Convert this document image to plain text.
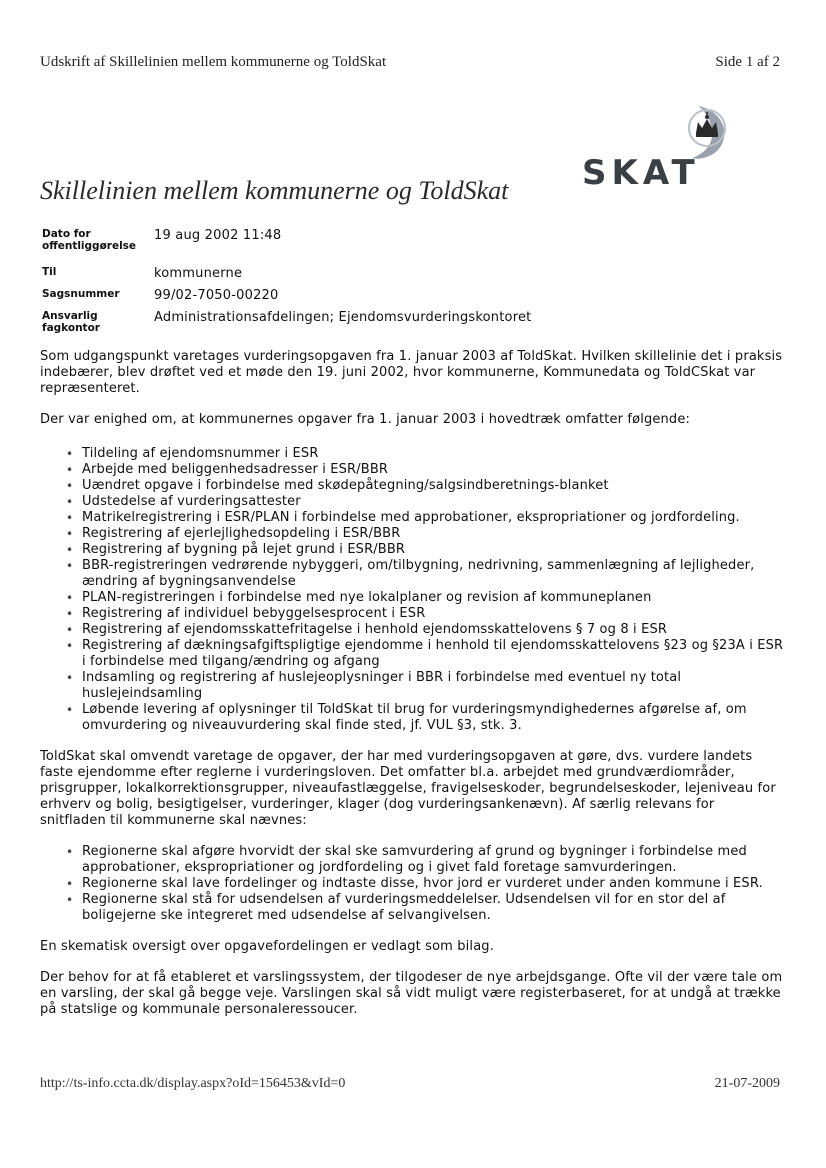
Udskrift af Skillelinien mellem kommunerne og ToldSkat	Side 1 af 2
SKAT
Skillelinien mellem kommunerne og ToldSkat
Dato for offentliggørelse	19 aug 2002 11:48
Til	kommunerne
Sagsnummer	99/02-7050-00220
Ansvarlig fagkontor	Administrationsafdelingen; Ejendomsvurderingskontoret

Som udgangspunkt varetages vurderingsopgaven fra 1. januar 2003 af ToldSkat. Hvilken skillelinie det i praksis indebærer, blev drøftet ved et møde den 19. juni 2002, hvor kommunerne, Kommunedata og ToldCSkat var repræsenteret.

Der var enighed om, at kommunernes opgaver fra 1. januar 2003 i hovedtræk omfatter følgende:

• Tildeling af ejendomsnummer i ESR
• Arbejde med beliggenhedsadresser i ESR/BBR
• Uændret opgave i forbindelse med skødepåtegning/salgsindberetnings-blanket
• Udstedelse af vurderingsattester
• Matrikelregistrering i ESR/PLAN i forbindelse med approbationer, ekspropriationer og jordfordeling.
• Registrering af ejerlejlighedsopdeling i ESR/BBR
• Registrering af bygning på lejet grund i ESR/BBR
• BBR-registreringen vedrørende nybyggeri, om/tilbygning, nedrivning, sammenlægning af lejligheder, ændring af bygningsanvendelse
• PLAN-registreringen i forbindelse med nye lokalplaner og revision af kommuneplanen
• Registrering af individuel bebyggelsesprocent i ESR
• Registrering af ejendomsskattefritagelse i henhold ejendomsskattelovens § 7 og 8 i ESR
• Registrering af dækningsafgiftspligtige ejendomme i henhold til ejendomsskattelovens §23 og §23A i ESR i forbindelse med tilgang/ændring og afgang
• Indsamling og registrering af huslejeoplysninger i BBR i forbindelse med eventuel ny total huslejeindsamling
• Løbende levering af oplysninger til ToldSkat til brug for vurderingsmyndighedernes afgørelse af, om omvurdering og niveauvurdering skal finde sted, jf. VUL §3, stk. 3.

ToldSkat skal omvendt varetage de opgaver, der har med vurderingsopgaven at gøre, dvs. vurdere landets faste ejendomme efter reglerne i vurderingsloven. Det omfatter bl.a. arbejdet med grundværdiområder, prisgrupper, lokalkorrektionsgrupper, niveaufastlæggelse, fravigelseskoder, begrundelseskoder, lejeniveau for erhverv og bolig, besigtigelser, vurderinger, klager (dog vurderingsankenævn). Af særlig relevans for snitfladen til kommunerne skal nævnes:

• Regionerne skal afgøre hvorvidt der skal ske samvurdering af grund og bygninger i forbindelse med approbationer, ekspropriationer og jordfordeling og i givet fald foretage samvurderingen.
• Regionerne skal lave fordelinger og indtaste disse, hvor jord er vurderet under anden kommune i ESR.
• Regionerne skal stå for udsendelsen af vurderingsmeddelelser. Udsendelsen vil for en stor del af boligejerne ske integreret med udsendelse af selvangivelsen.

En skematisk oversigt over opgavefordelingen er vedlagt som bilag.

Der behov for at få etableret et varslingssystem, der tilgodeser de nye arbejdsgange. Ofte vil der være tale om en varsling, der skal gå begge veje. Varslingen skal så vidt muligt være registerbaseret, for at undgå at trække på statslige og kommunale personaleressoucer.

http://ts-info.ccta.dk/display.aspx?oId=156453&vId=0	21-07-2009
